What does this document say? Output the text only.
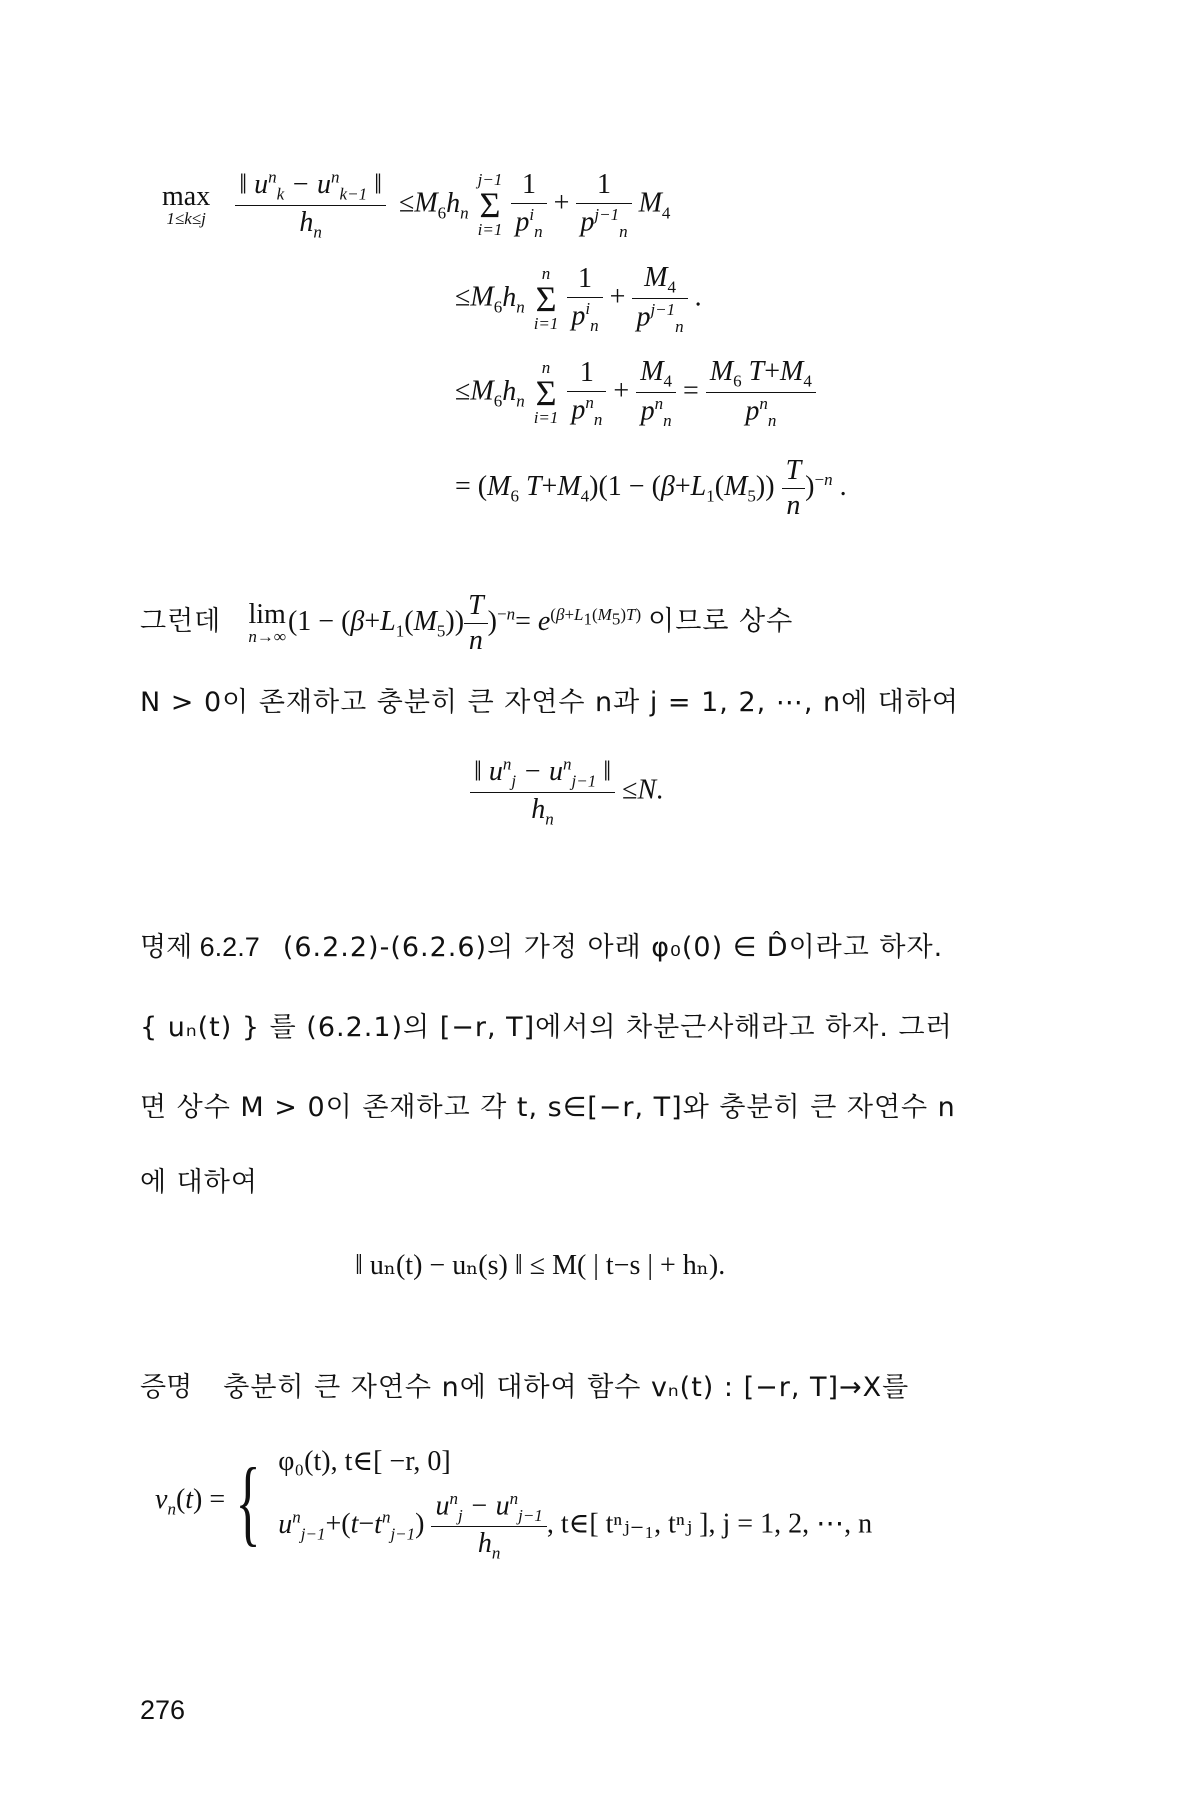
max
1≤k≤j
$\frac{‖ u^n_k - u^n_{k-1} ‖}{h_n} \le M_6h_n$
j−1
Σ
i=1
$\frac{1}{p^i_n} + \frac{1}{p^{j-1}_n} M_4$
$\le M_6h_n$
n
Σ
i=1
$\frac{1}{p^i_n} + \frac{M_4}{p^{j-1}_n}$ .
$\le M_6h_n$
n
Σ
i=1
$\frac{1}{p^n_n} + \frac{M_4}{p^n_n} = \frac{M_6 T+M_4}{p^n_n}$
= ($M_6$ $T+M_4)(1 - (\beta+L_1(M_5)) \frac{T}{n} )^{-n}$ .
그런데 lim
n→∞ $(1 - (\beta+L_1(M_5)) \frac{T}{n} )^{-n}= e^{(\beta+L_1(M_5)T)}$ 이므로 상수
N > 0이 존재하고 충분히 큰 자연수 n과 j = 1, 2, ⋯, n에 대하여
$\frac{‖ u^n_j - u^n_{j-1} ‖}{h_n} \le N$.
명제 6.2.7 (6.2.2)-(6.2.6)의 가정 아래 φ₀(0) ∈ D̂이라고 하자.
{ uₙ(t) } 를 (6.2.1)의 [−r, T]에서의 차분근사해라고 하자. 그러
면 상수 M > 0이 존재하고 각 t, s∈[−r, T]와 충분히 큰 자연수 n
에 대하여
‖ uₙ(t) − uₙ(s) ‖ ≤ M( | t−s | + hₙ).
증명 충분히 큰 자연수 n에 대하여 함수 vₙ(t) : [−r, T]→X를
$v_n(t)$ = { φ₀(t), t∈[ −r, 0]
$u^n_{j-1}+(t-t^n_{j-1}) \frac{u^n_j - u^n_{j-1}}{h_n}$ , t∈[ tⁿⱼ₋₁, tⁿⱼ ], j = 1, 2, ⋯, n
276
